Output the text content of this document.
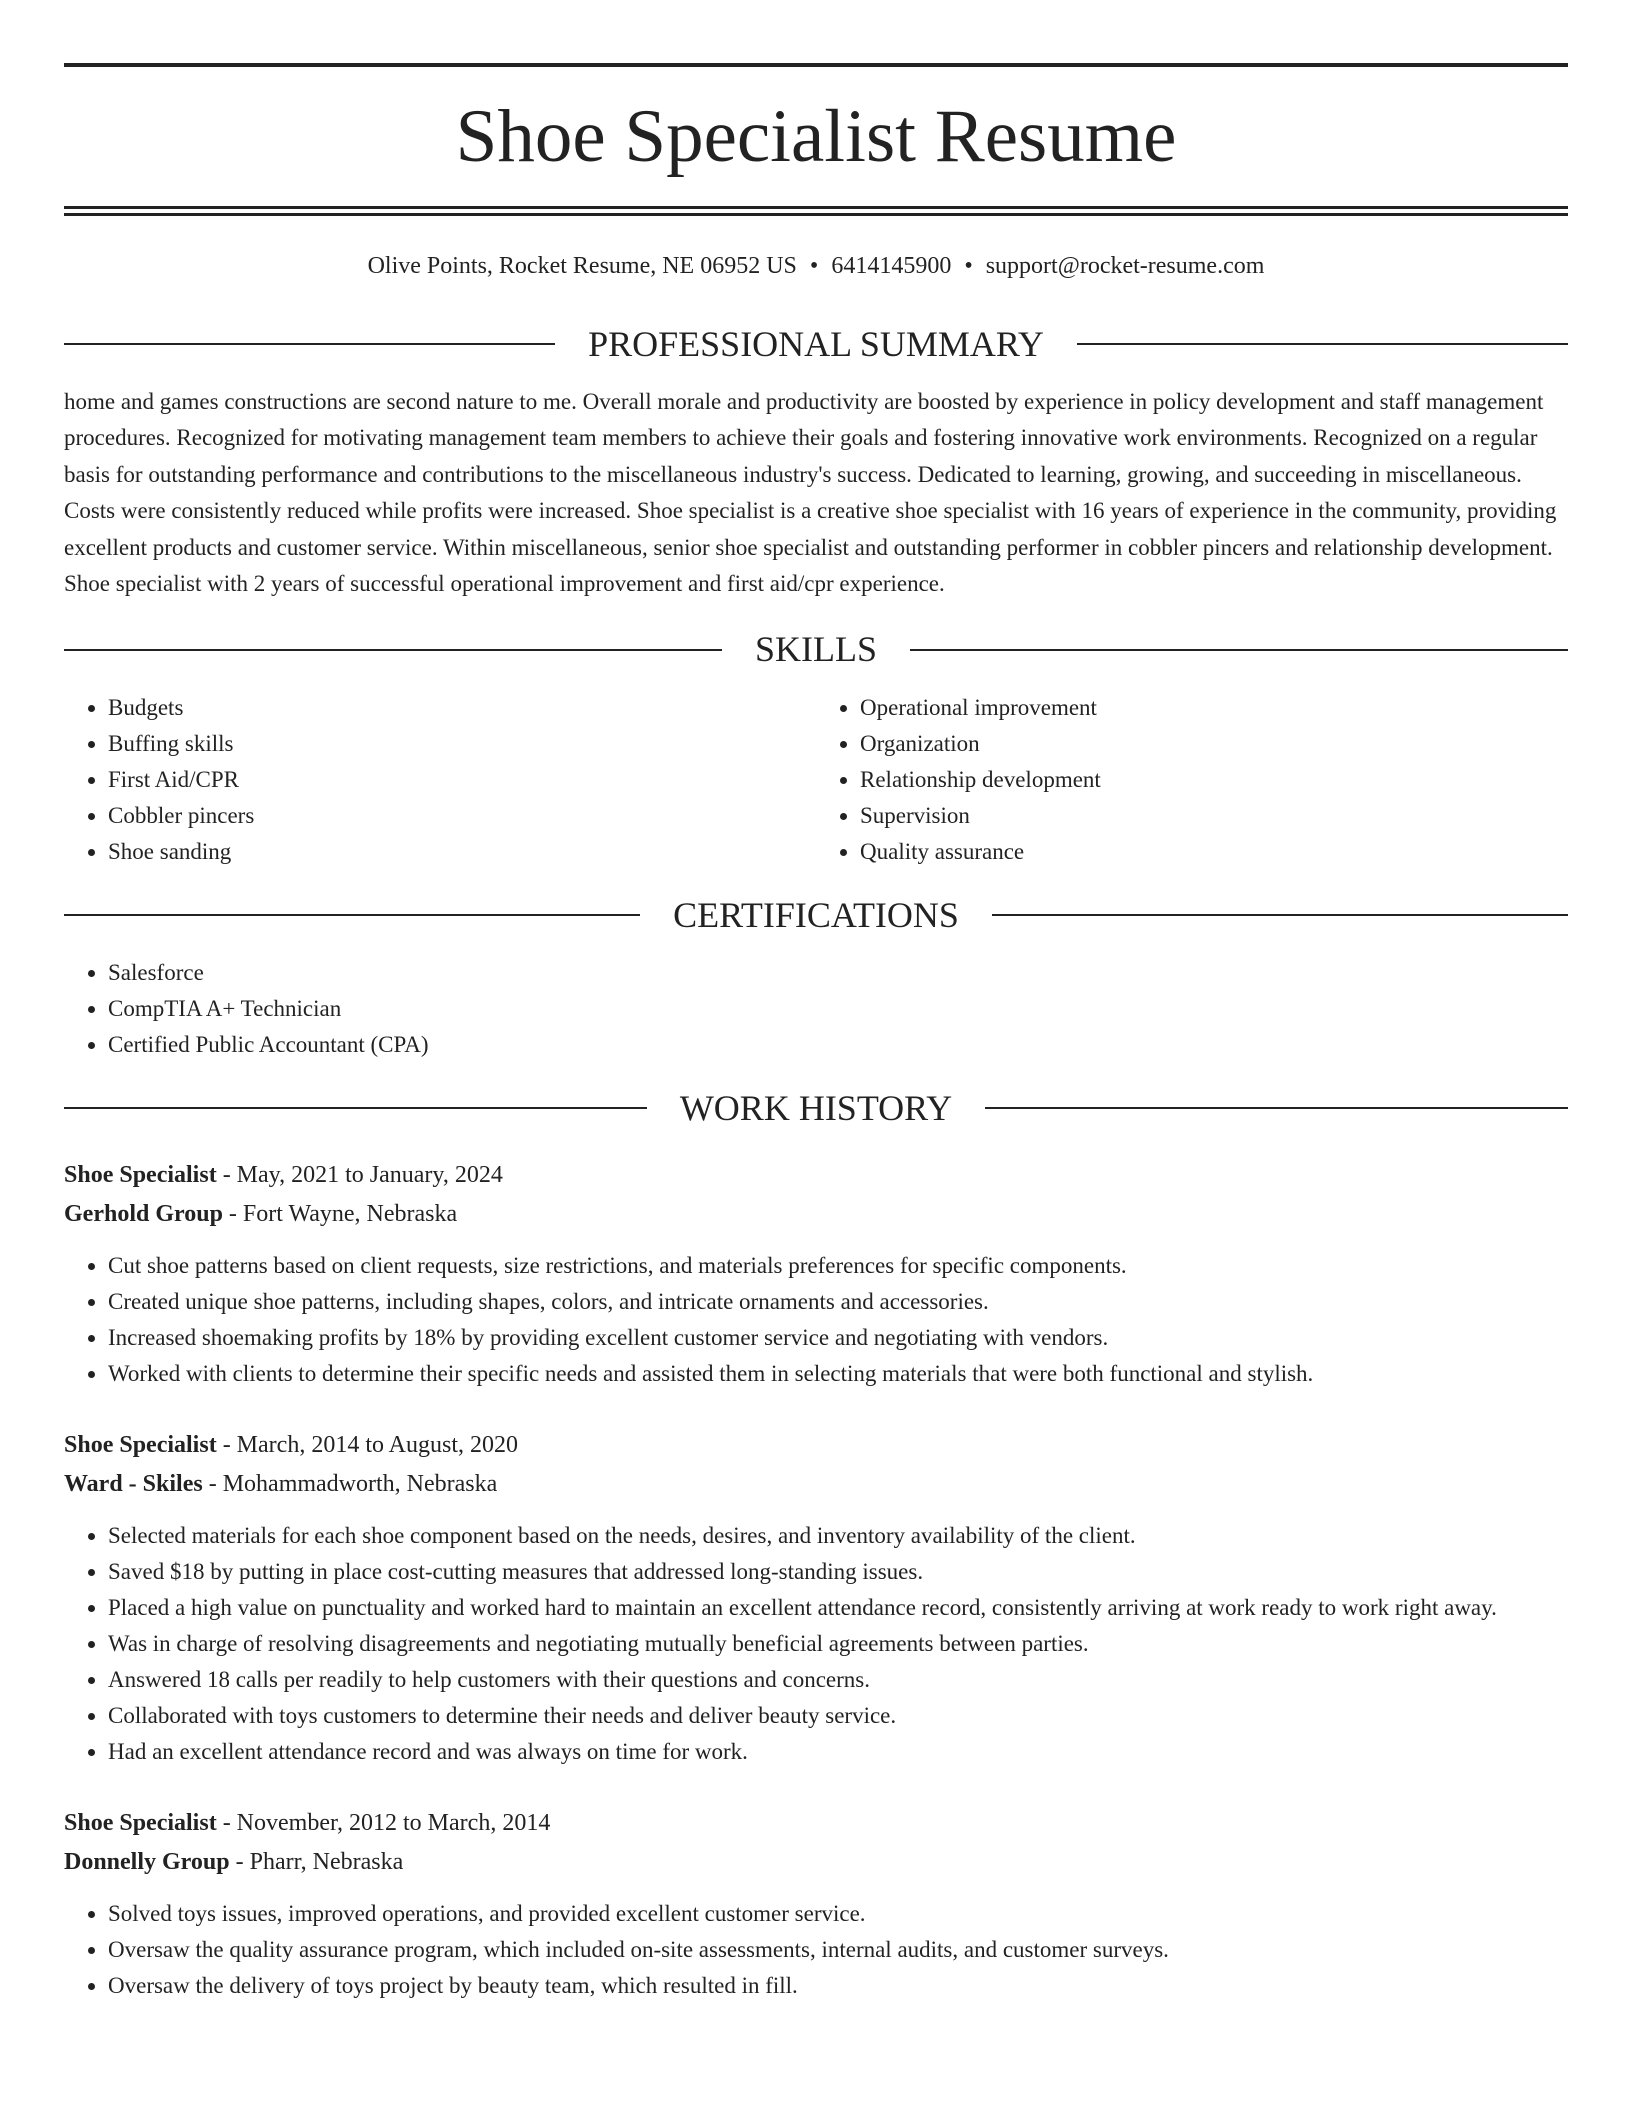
Shoe Specialist Resume
Olive Points, Rocket Resume, NE 06952 US • 6414145900 • support@rocket-resume.com
PROFESSIONAL SUMMARY
home and games constructions are second nature to me. Overall morale and productivity are boosted by experience in policy development and staff management procedures. Recognized for motivating management team members to achieve their goals and fostering innovative work environments. Recognized on a regular basis for outstanding performance and contributions to the miscellaneous industry's success. Dedicated to learning, growing, and succeeding in miscellaneous. Costs were consistently reduced while profits were increased. Shoe specialist is a creative shoe specialist with 16 years of experience in the community, providing excellent products and customer service. Within miscellaneous, senior shoe specialist and outstanding performer in cobbler pincers and relationship development. Shoe specialist with 2 years of successful operational improvement and first aid/cpr experience.
SKILLS
• Budgets
• Buffing skills
• First Aid/CPR
• Cobbler pincers
• Shoe sanding
• Operational improvement
• Organization
• Relationship development
• Supervision
• Quality assurance
CERTIFICATIONS
• Salesforce
• CompTIA A+ Technician
• Certified Public Accountant (CPA)
WORK HISTORY
Shoe Specialist - May, 2021 to January, 2024
Gerhold Group - Fort Wayne, Nebraska
• Cut shoe patterns based on client requests, size restrictions, and materials preferences for specific components.
• Created unique shoe patterns, including shapes, colors, and intricate ornaments and accessories.
• Increased shoemaking profits by 18% by providing excellent customer service and negotiating with vendors.
• Worked with clients to determine their specific needs and assisted them in selecting materials that were both functional and stylish.
Shoe Specialist - March, 2014 to August, 2020
Ward - Skiles - Mohammadworth, Nebraska
• Selected materials for each shoe component based on the needs, desires, and inventory availability of the client.
• Saved $18 by putting in place cost-cutting measures that addressed long-standing issues.
• Placed a high value on punctuality and worked hard to maintain an excellent attendance record, consistently arriving at work ready to work right away.
• Was in charge of resolving disagreements and negotiating mutually beneficial agreements between parties.
• Answered 18 calls per readily to help customers with their questions and concerns.
• Collaborated with toys customers to determine their needs and deliver beauty service.
• Had an excellent attendance record and was always on time for work.
Shoe Specialist - November, 2012 to March, 2014
Donnelly Group - Pharr, Nebraska
• Solved toys issues, improved operations, and provided excellent customer service.
• Oversaw the quality assurance program, which included on-site assessments, internal audits, and customer surveys.
• Oversaw the delivery of toys project by beauty team, which resulted in fill.
